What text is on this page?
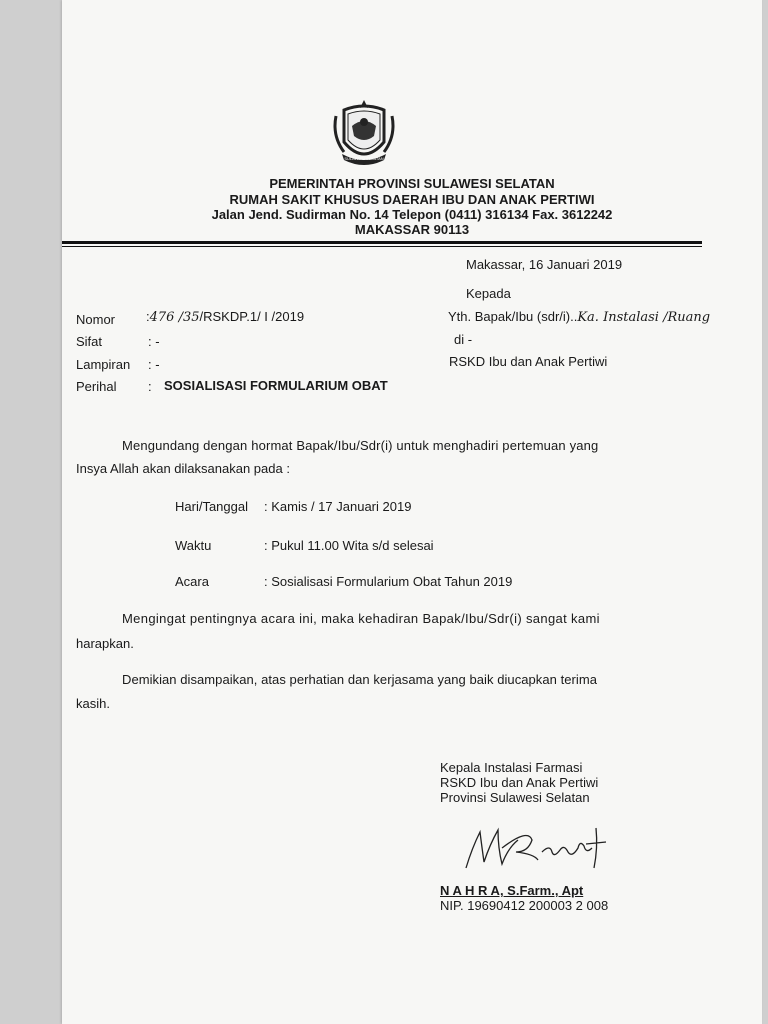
SULAWESI SELATAN
PEMERINTAH PROVINSI SULAWESI SELATAN
RUMAH SAKIT KHUSUS DAERAH IBU DAN ANAK PERTIWI
Jalan Jend. Sudirman No. 14 Telepon (0411) 316134 Fax. 3612242
MAKASSAR 90113
Makassar, 16 Januari 2019
Kepada
Yth. Bapak/Ibu (sdr/i)..Ka. Instalasi /Ruang
di -
RSKD Ibu dan Anak Pertiwi
Nomor :476 /35/RSKDP.1/ I /2019
Sifat	: -
Lampiran : -
Perihal : SOSIALISASI FORMULARIUM OBAT
Mengundang dengan hormat Bapak/Ibu/Sdr(i) untuk menghadiri pertemuan yang
Insya Allah akan dilaksanakan pada :
Hari/Tanggal : Kamis / 17 Januari 2019
Waktu	: Pukul 11.00 Wita s/d selesai
Acara	: Sosialisasi Formularium Obat Tahun 2019
Mengingat pentingnya acara ini, maka kehadiran Bapak/Ibu/Sdr(i) sangat kami
harapkan.
Demikian disampaikan, atas perhatian dan kerjasama yang baik diucapkan terima
kasih.
Kepala Instalasi Farmasi
RSKD Ibu dan Anak Pertiwi
Provinsi Sulawesi Selatan
N A H R A, S.Farm., Apt
NIP. 19690412 200003 2 008
